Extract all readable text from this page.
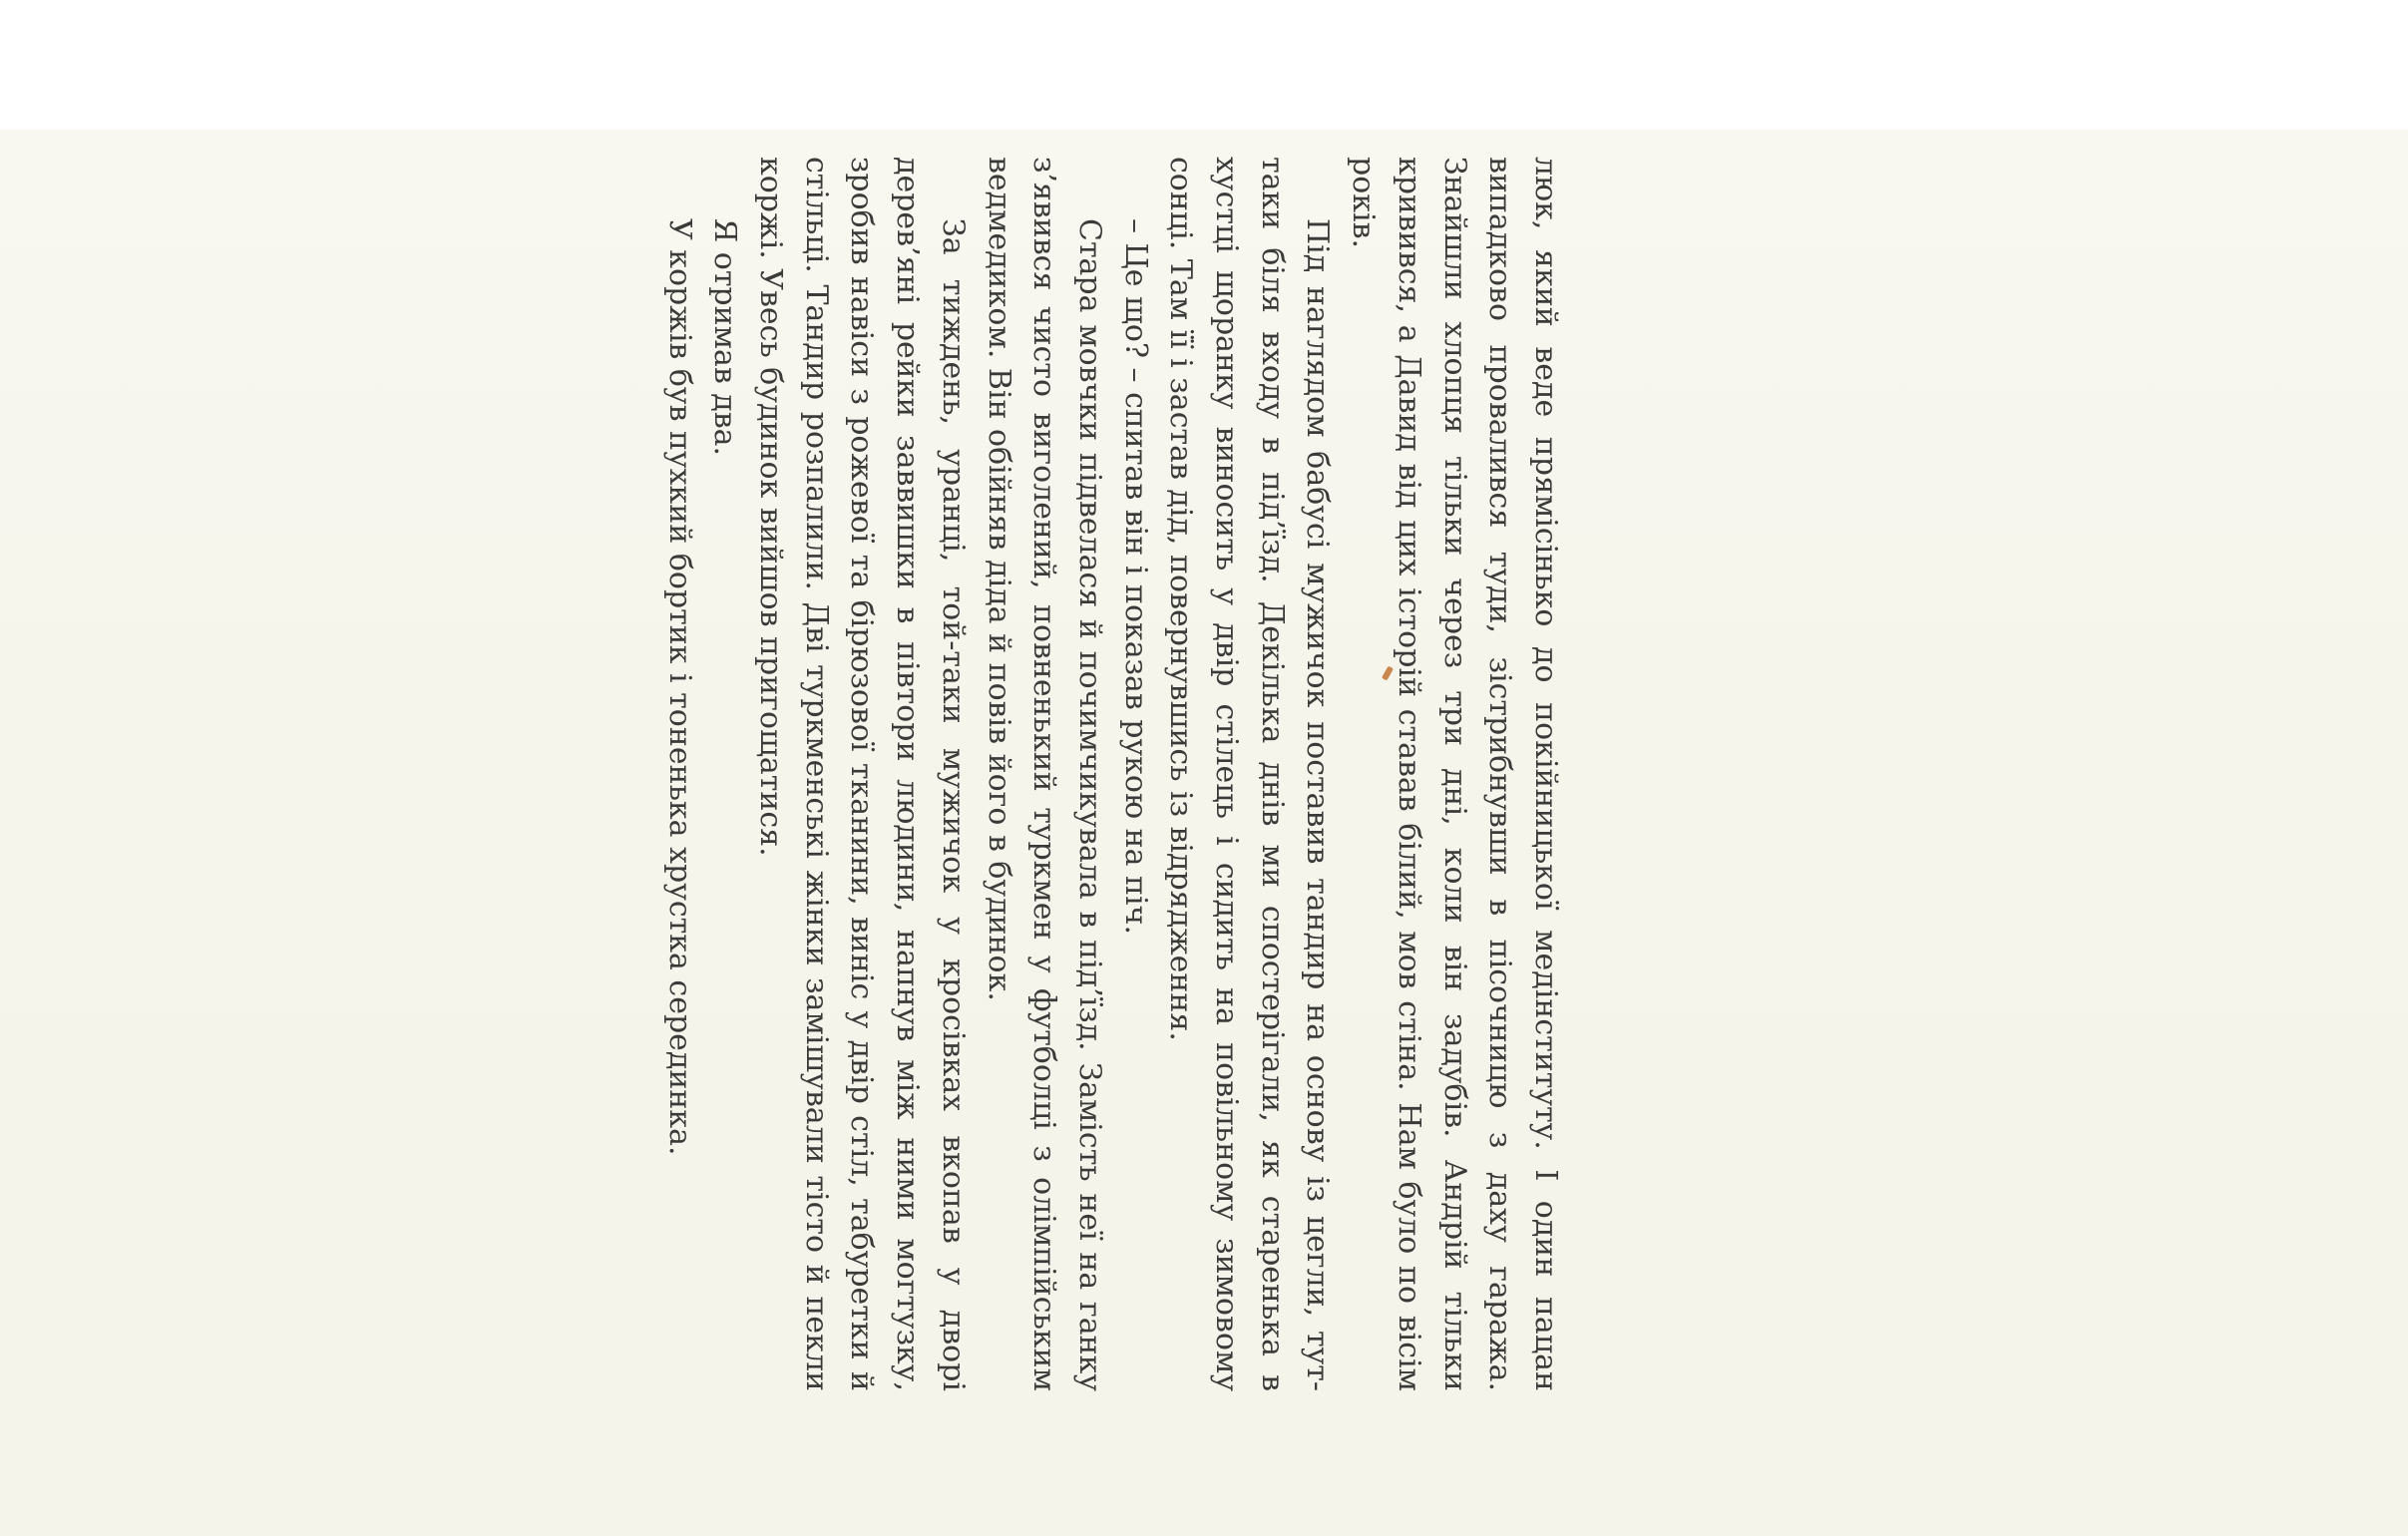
люк, який веде прямісінько до покійницької медінституту. І один пацан випадково провалився туди, зістрибнувши в пісочницю з даху гаража. Знайшли хлопця тільки через три дні, коли він задубів. Андрій тільки кривився, а Давид від цих історій ставав білий, мов стіна. Нам було по вісім років.

Під наглядом бабусі мужичок поставив тандир на основу із цегли, тут-таки біля входу в під’їзд. Декілька днів ми спостерігали, як старенька в хустці щоранку виносить у двір стілець і сидить на повільному зимовому сонці. Там її і застав дід, повернувшись із відрядження.

– Це що? – спитав він і показав рукою на піч.

Стара мовчки підвелася й почимчикувала в під’їзд. Замість неї на ганку з’явився чисто виголений, повненький туркмен у футболці з олімпійським ведмедиком. Він обійняв діда й повів його в будинок.

За тиждень, уранці, той-таки мужичок у кросівках вкопав у дворі дерев’яні рейки заввишки в півтори людини, напнув між ними могтузку, зробив навіси з рожевої та бірюзової тканини, виніс у двір стіл, табуретки й стільці. Тандир розпалили. Дві туркменські жінки замішували тісто й пекли коржі. Увесь будинок вийшов пригощатися.

Я отримав два.

У коржів був пухкий бортик і тоненька хрустка серединка.
